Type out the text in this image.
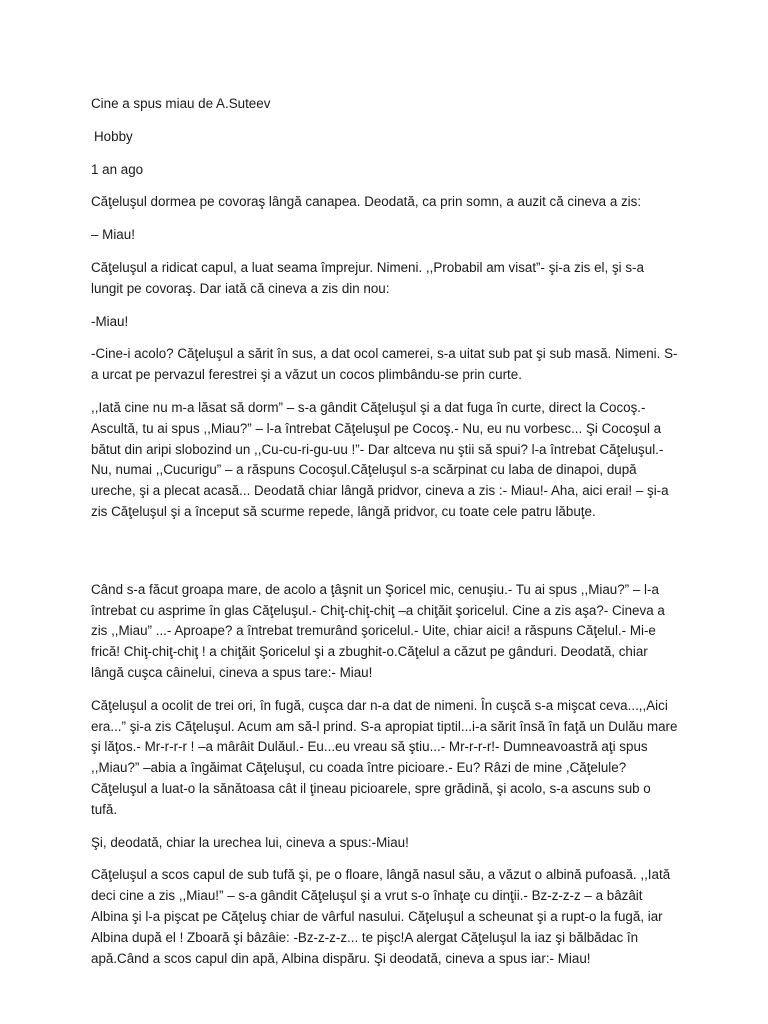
Cine a spus miau de A.Suteev

Hobby

1 an ago

Căţeluşul dormea pe covoraş lângă canapea. Deodată, ca prin somn, a auzit că cineva a zis:

– Miau!

Căţeluşul a ridicat capul, a luat seama împrejur. Nimeni. ,,Probabil am visat”- şi-a zis el, şi s-a lungit pe covoraş. Dar iată că cineva a zis din nou:

-Miau!

-Cine-i acolo? Căţeluşul a sărit în sus, a dat ocol camerei, s-a uitat sub pat şi sub masă. Nimeni. S-a urcat pe pervazul ferestrei şi a văzut un cocos plimbându-se prin curte.

,,Iată cine nu m-a lăsat să dorm” – s-a gândit Căţeluşul şi a dat fuga în curte, direct la Cocoş.- Ascultă, tu ai spus ,,Miau?” – l-a întrebat Căţeluşul pe Cocoş.- Nu, eu nu vorbesc... Şi Cocoşul a bătut din aripi slobozind un ,,Cu-cu-ri-gu-uu !”- Dar altceva nu ştii să spui? l-a întrebat Căţeluşul.- Nu, numai ,,Cucurigu” – a răspuns Cocoşul.Căţeluşul s-a scărpinat cu laba de dinapoi, după ureche, şi a plecat acasă... Deodată chiar lângă pridvor, cineva a zis :- Miau!- Aha, aici erai! – şi-a zis Căţeluşul şi a început să scurme repede, lângă pridvor, cu toate cele patru lăbuţe.

Când s-a făcut groapa mare, de acolo a ţâşnit un Şoricel mic, cenuşiu.- Tu ai spus ,,Miau?” – l-a întrebat cu asprime în glas Căţeluşul.- Chiţ-chiţ-chiţ –a chiţăit şoricelul. Cine a zis aşa?- Cineva a zis ,,Miau” ...- Aproape? a întrebat tremurând şoricelul.- Uite, chiar aici! a răspuns Căţelul.- Mi-e frică! Chiţ-chiţ-chiţ ! a chiţăit Şoricelul şi a zbughit-o.Căţelul a căzut pe gânduri. Deodată, chiar lângă cuşca câinelui, cineva a spus tare:- Miau!

Căţeluşul a ocolit de trei ori, în fugă, cuşca dar n-a dat de nimeni. În cuşcă s-a mişcat ceva...,,Aici era...” şi-a zis Căţeluşul. Acum am să-l prind. S-a apropiat tiptil...i-a sărit însă în faţă un Dulău mare şi lăţos.- Mr-r-r-r ! –a mârâit Dulăul.- Eu...eu vreau să ştiu...- Mr-r-r-r!- Dumneavoastră aţi spus ,,Miau?” –abia a îngăimat Căţeluşul, cu coada între picioare.- Eu? Râzi de mine ,Căţelule?Căţeluşul a luat-o la sănătoasa cât il ţineau picioarele, spre grădină, şi acolo, s-a ascuns sub o tufă.

Şi, deodată, chiar la urechea lui, cineva a spus:-Miau!

Căţeluşul a scos capul de sub tufă şi, pe o floare, lângă nasul său, a văzut o albină pufoasă. ,,Iată deci cine a zis ,,Miau!” – s-a gândit Căţeluşul şi a vrut s-o înhaţe cu dinţii.- Bz-z-z-z – a bâzâit Albina şi l-a pişcat pe Căţeluş chiar de vârful nasului. Căţeluşul a scheunat şi a rupt-o la fugă, iar Albina după el ! Zboară şi bâzâie: -Bz-z-z-z... te pişc!A alergat Căţeluşul la iaz şi bălbădac în apă.Când a scos capul din apă, Albina dispăru. Şi deodată, cineva a spus iar:- Miau!
